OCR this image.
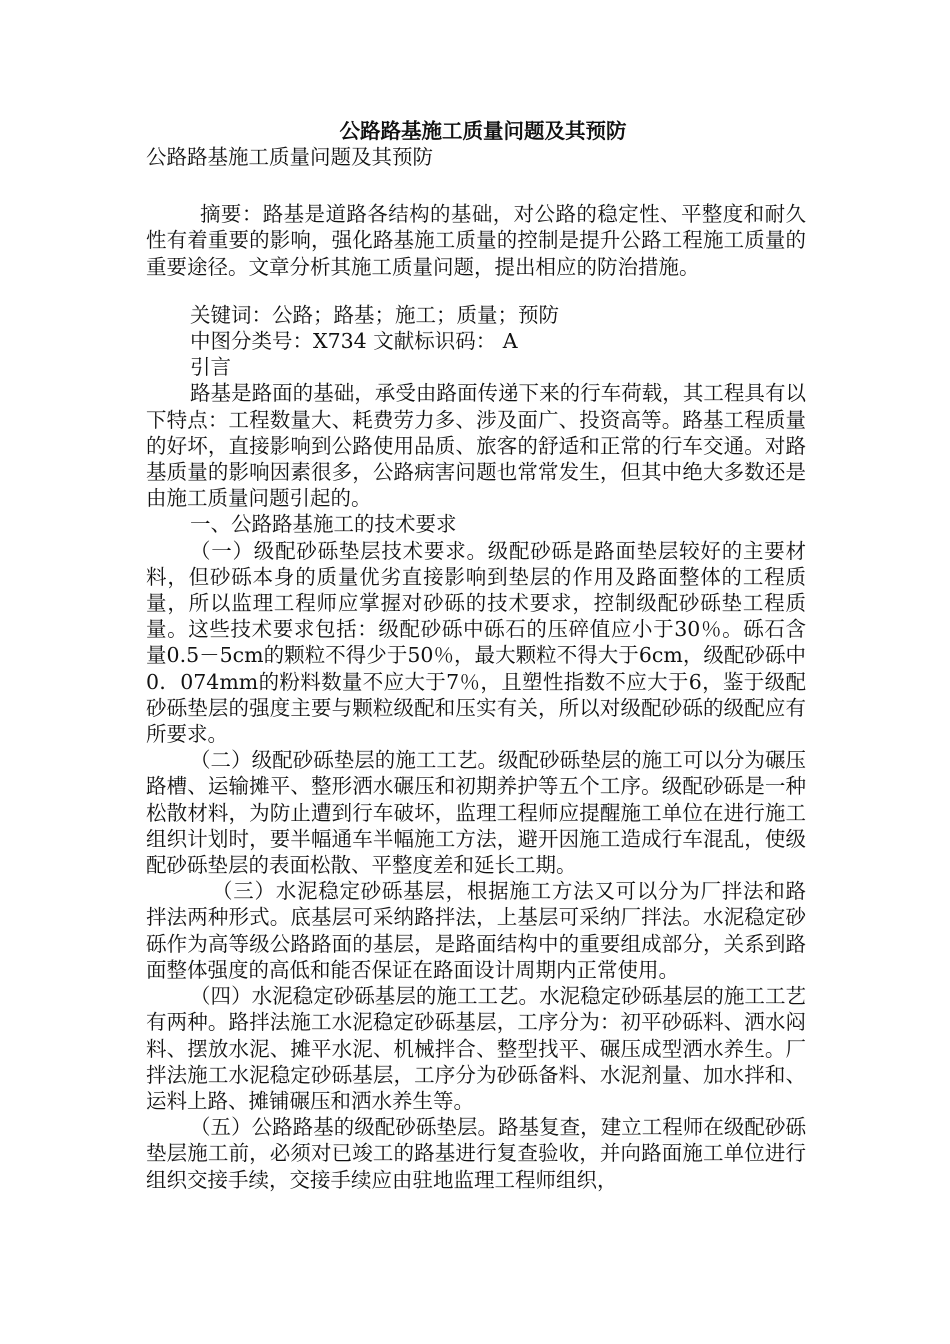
公路路基施工质量问题及其预防

公路路基施工质量问题及其预防

摘要：路基是道路各结构的基础，对公路的稳定性、平整度和耐久性有着重要的影响，强化路基施工质量的控制是提升公路工程施工质量的重要途径。文章分析其施工质量问题，提出相应的防治措施。

关键词：公路；路基；施工；质量；预防

中图分类号：X734 文献标识码： A

引言

路基是路面的基础，承受由路面传递下来的行车荷载，其工程具有以下特点：工程数量大、耗费劳力多、涉及面广、投资高等。路基工程质量的好坏，直接影响到公路使用品质、旅客的舒适和正常的行车交通。对路基质量的影响因素很多，公路病害问题也常常发生，但其中绝大多数还是由施工质量问题引起的。

一、公路路基施工的技术要求

（一）级配砂砾垫层技术要求。级配砂砾是路面垫层较好的主要材料，但砂砾本身的质量优劣直接影响到垫层的作用及路面整体的工程质量，所以监理工程师应掌握对砂砾的技术要求，控制级配砂砾垫工程质量。这些技术要求包括：级配砂砾中砾石的压碎值应小于30％。砾石含量0.5－5cm的颗粒不得少于50％，最大颗粒不得大于6cm，级配砂砾中0．074mm的粉料数量不应大于7％，且塑性指数不应大于6，鉴于级配砂砾垫层的强度主要与颗粒级配和压实有关，所以对级配砂砾的级配应有所要求。

（二）级配砂砾垫层的施工工艺。级配砂砾垫层的施工可以分为碾压路槽、运输摊平、整形洒水碾压和初期养护等五个工序。级配砂砾是一种松散材料，为防止遭到行车破坏，监理工程师应提醒施工单位在进行施工组织计划时，要半幅通车半幅施工方法，避开因施工造成行车混乱，使级配砂砾垫层的表面松散、平整度差和延长工期。

（三）水泥稳定砂砾基层，根据施工方法又可以分为厂拌法和路拌法两种形式。底基层可采纳路拌法，上基层可采纳厂拌法。水泥稳定砂砾作为高等级公路路面的基层，是路面结构中的重要组成部分，关系到路面整体强度的高低和能否保证在路面设计周期内正常使用。

（四）水泥稳定砂砾基层的施工工艺。水泥稳定砂砾基层的施工工艺有两种。路拌法施工水泥稳定砂砾基层，工序分为：初平砂砾料、洒水闷料、摆放水泥、摊平水泥、机械拌合、整型找平、碾压成型洒水养生。厂拌法施工水泥稳定砂砾基层，工序分为砂砾备料、水泥剂量、加水拌和、运料上路、摊铺碾压和洒水养生等。

（五）公路路基的级配砂砾垫层。路基复查，建立工程师在级配砂砾垫层施工前，必须对已竣工的路基进行复查验收，并向路面施工单位进行组织交接手续，交接手续应由驻地监理工程师组织，
